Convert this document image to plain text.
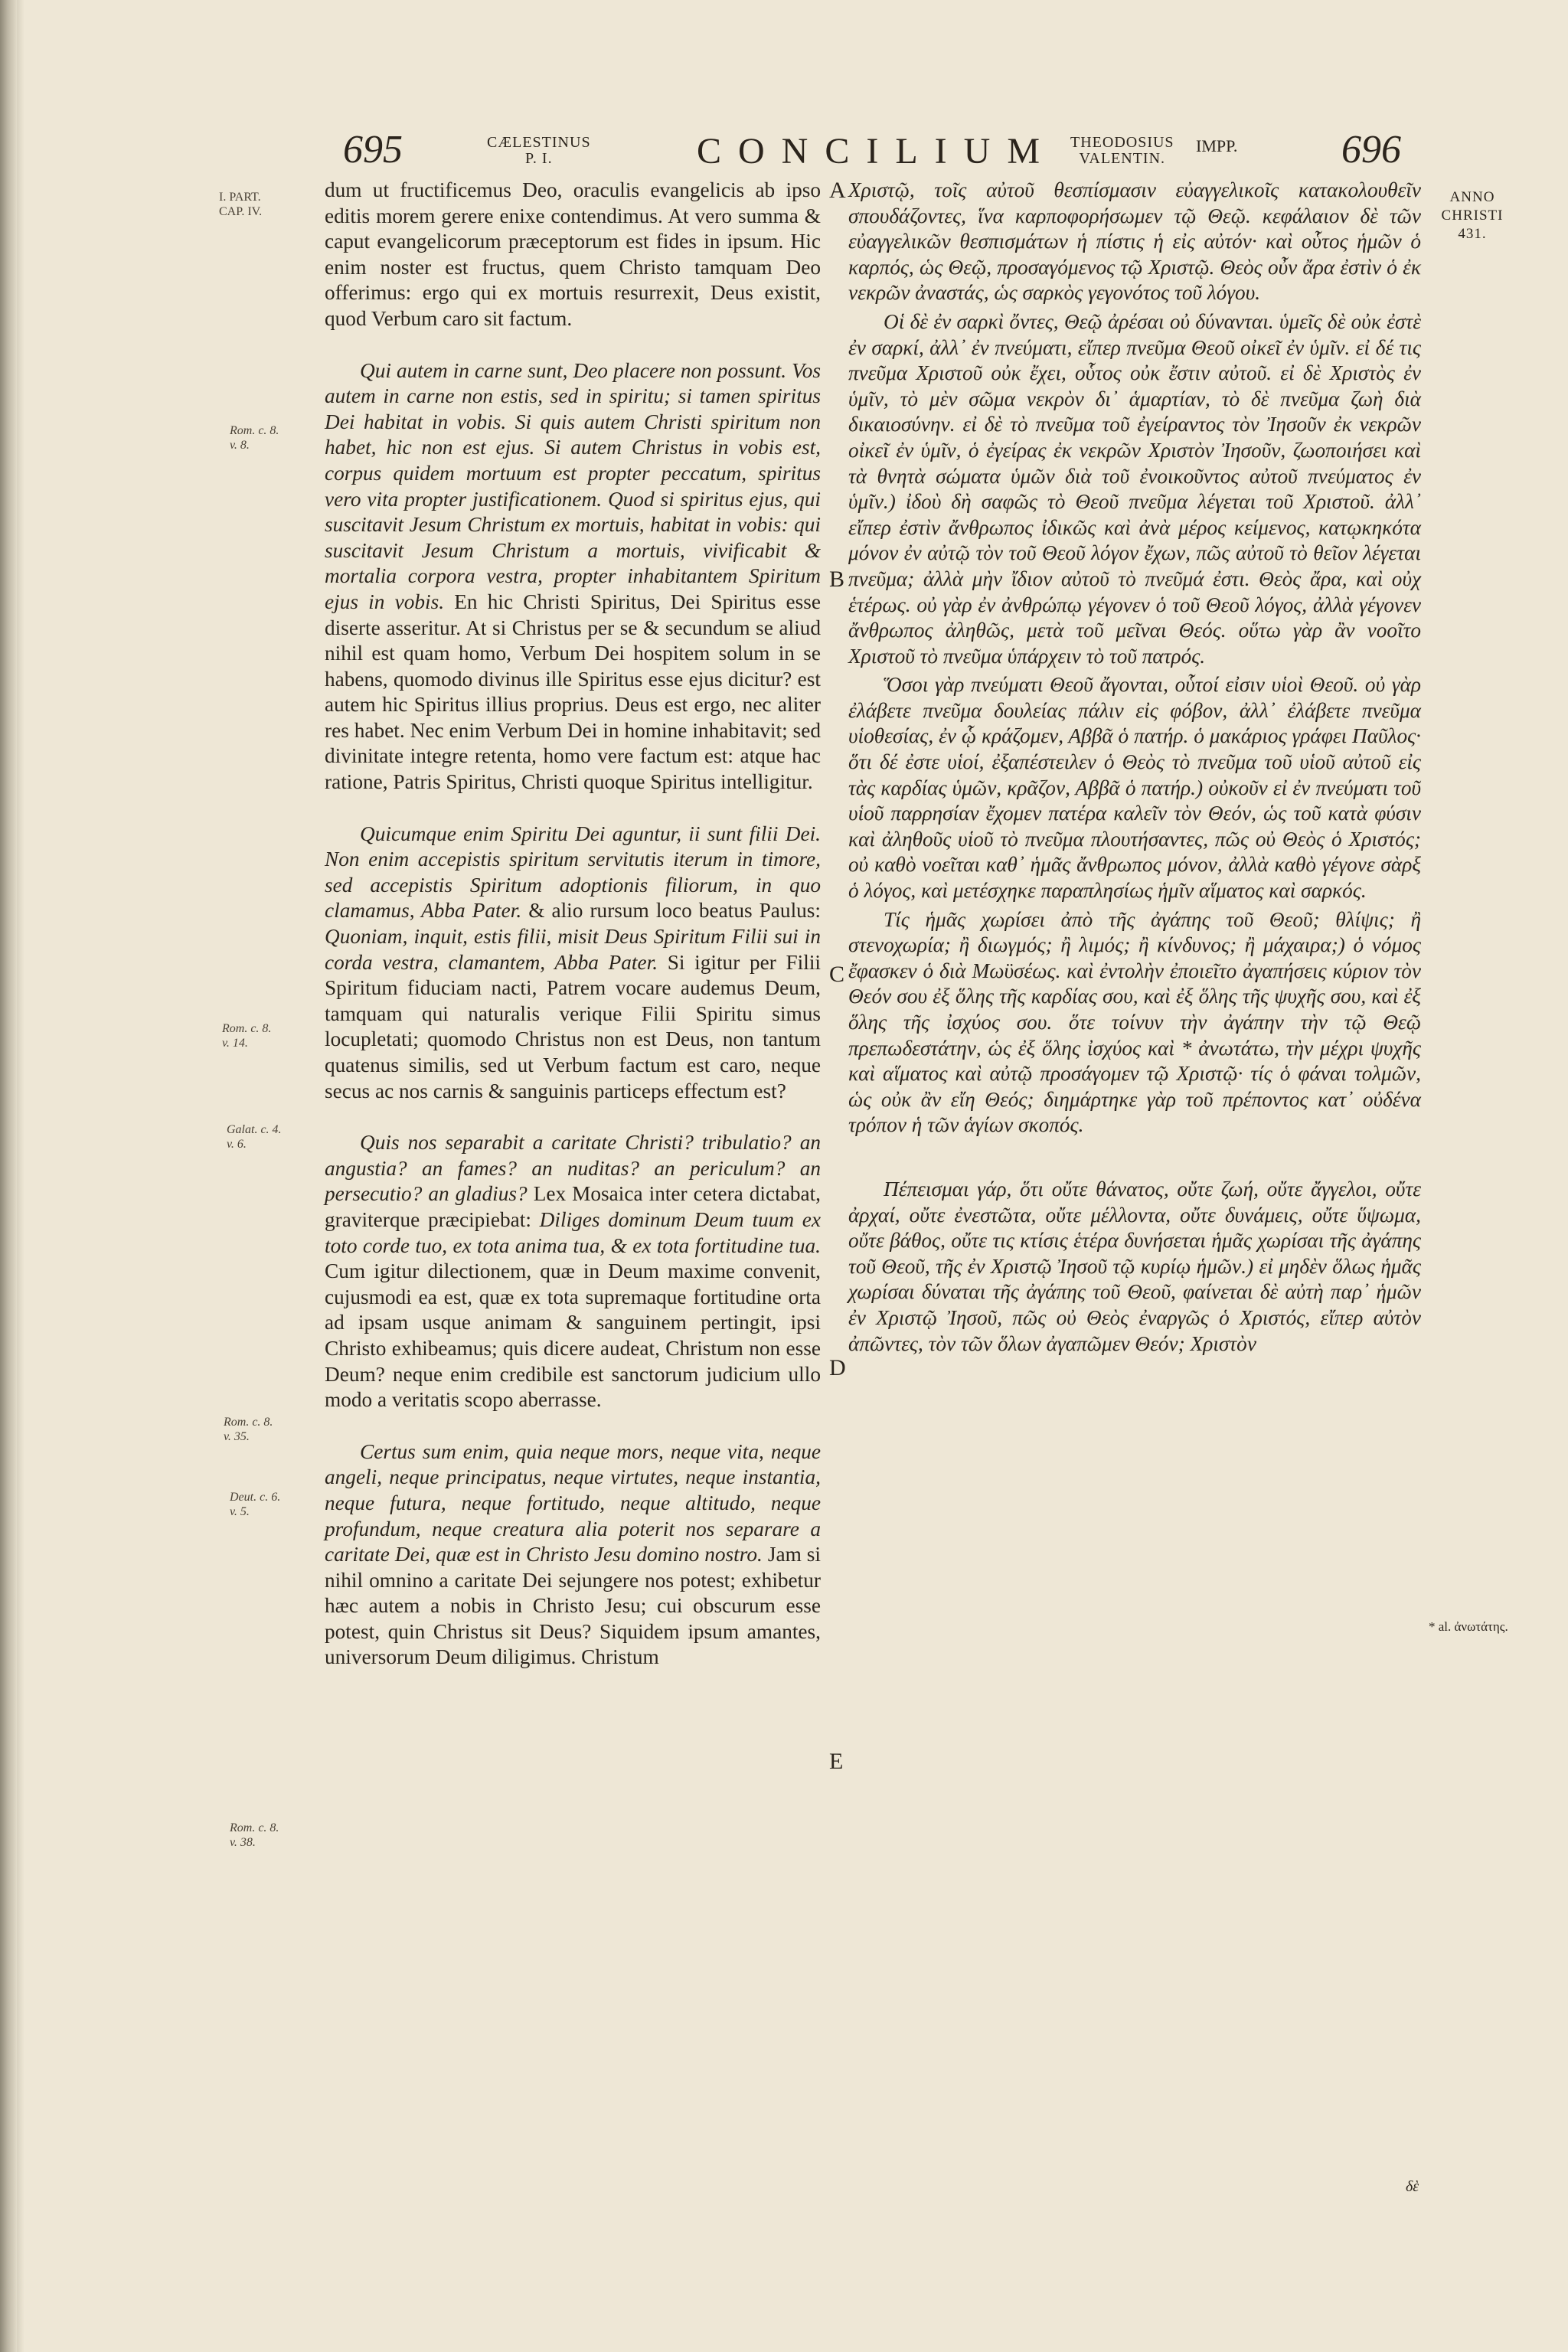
695	CÆLESTINUS
P. I.	CONCILIUM THEODOSIUS
VALENTIN.
IMPP.	696
ANNO
CHRISTI
431.
I. PART.
CAP. IV.
Rom. c. 8.
v. 8.
Rom. c. 8.
v. 14.
Galat. c. 4.
v. 6.
Rom. c. 8.
v. 35.
Deut. c. 6.
v. 5.
Rom. c. 8.
v. 38.
A
B
C
D
E

dum ut fructificemus Deo, oraculis evangelicis ab ipso editis morem gerere enixe contendimus. At vero summa & caput evangelicorum præceptorum est fides in ipsum. Hic enim noster est fructus, quem Christo tamquam Deo offerimus: ergo qui ex mortuis resurrexit, Deus existit, quod Verbum caro sit factum.

Qui autem in carne sunt, Deo placere non possunt. Vos autem in carne non estis, sed in spiritu; si tamen spiritus Dei habitat in vobis. Si quis autem Christi spiritum non habet, hic non est ejus. Si autem Christus in vobis est, corpus quidem mortuum est propter peccatum, spiritus vero vita propter justificationem. Quod si spiritus ejus, qui suscitavit Jesum Christum ex mortuis, habitat in vobis: qui suscitavit Jesum Christum a mortuis, vivificabit & mortalia corpora vestra, propter inhabitantem Spiritum ejus in vobis. En hic Christi Spiritus, Dei Spiritus esse diserte asseritur. At si Christus per se & secundum se aliud nihil est quam homo, Verbum Dei hospitem solum in se habens, quomodo divinus ille Spiritus esse ejus dicitur? est autem hic Spiritus illius proprius. Deus est ergo, nec aliter res habet. Nec enim Verbum Dei in homine inhabitavit; sed divinitate integre retenta, homo vere factum est: atque hac ratione, Patris Spiritus, Christi quoque Spiritus intelligitur.

Quicumque enim Spiritu Dei aguntur, ii sunt filii Dei. Non enim accepistis spiritum servitutis iterum in timore, sed accepistis Spiritum adoptionis filiorum, in quo clamamus, Abba Pater. & alio rursum loco beatus Paulus: Quoniam, inquit, estis filii, misit Deus Spiritum Filii sui in corda vestra, clamantem, Abba Pater. Si igitur per Filii Spiritum fiduciam nacti, Patrem vocare audemus Deum, tamquam qui naturalis verique Filii Spiritu simus locupletati; quomodo Christus non est Deus, non tantum quatenus similis, sed ut Verbum factum est caro, neque secus ac nos carnis & sanguinis particeps effectum est?

Quis nos separabit a caritate Christi? tribulatio? an angustia? an fames? an nuditas? an periculum? an persecutio? an gladius? Lex Mosaica inter cetera dictabat, graviterque præcipiebat: Diliges dominum Deum tuum ex toto corde tuo, ex tota anima tua, & ex tota fortitudine tua. Cum igitur dilectionem, quæ in Deum maxime convenit, cujusmodi ea est, quæ ex tota supremaque fortitudine orta ad ipsam usque animam & sanguinem pertingit, ipsi Christo exhibeamus; quis dicere audeat, Christum non esse Deum? neque enim credibile est sanctorum judicium ullo modo a veritatis scopo aberrasse.

Certus sum enim, quia neque mors, neque vita, neque angeli, neque principatus, neque virtutes, neque instantia, neque futura, neque fortitudo, neque altitudo, neque profundum, neque creatura alia poterit nos separare a caritate Dei, quæ est in Christo Jesu domino nostro. Jam si nihil omnino a caritate Dei sejungere nos potest; exhibetur hæc autem a nobis in Christo Jesu; cui obscurum esse potest, quin Christus sit Deus? Siquidem ipsum amantes, universorum Deum diligimus. Christum

Χριστῷ, τοῖς αὐτοῦ θεσπίσμασιν εὐαγγελικοῖς κατακολουθεῖν σπουδάζοντες, ἵνα καρποφορήσωμεν τῷ Θεῷ. κεφάλαιον δὲ τῶν εὐαγγελικῶν θεσπισμάτων ἡ πίστις ἡ εἰς αὐτόν· καὶ οὗτος ἡμῶν ὁ καρπός, ὡς Θεῷ, προσαγόμενος τῷ Χριστῷ. Θεὸς οὖν ἄρα ἐστὶν ὁ ἐκ νεκρῶν ἀναστάς, ὡς σαρκὸς γεγονότος τοῦ λόγου.

Οἱ δὲ ἐν σαρκὶ ὄντες, Θεῷ ἀρέσαι οὐ δύνανται. ὑμεῖς δὲ οὐκ ἐστὲ ἐν σαρκί, ἀλλ᾽ ἐν πνεύματι, εἴπερ πνεῦμα Θεοῦ οἰκεῖ ἐν ὑμῖν. εἰ δέ τις πνεῦμα Χριστοῦ οὐκ ἔχει, οὗτος οὐκ ἔστιν αὐτοῦ. εἰ δὲ Χριστὸς ἐν ὑμῖν, τὸ μὲν σῶμα νεκρὸν δι᾽ ἁμαρτίαν, τὸ δὲ πνεῦμα ζωὴ διὰ δικαιοσύνην. εἰ δὲ τὸ πνεῦμα τοῦ ἐγείραντος τὸν Ἰησοῦν ἐκ νεκρῶν οἰκεῖ ἐν ὑμῖν, ὁ ἐγείρας ἐκ νεκρῶν Χριστὸν Ἰησοῦν, ζωοποιήσει καὶ τὰ θνητὰ σώματα ὑμῶν διὰ τοῦ ἐνοικοῦντος αὐτοῦ πνεύματος ἐν ὑμῖν.) ἰδοὺ δὴ σαφῶς τὸ Θεοῦ πνεῦμα λέγεται τοῦ Χριστοῦ. ἀλλ᾽ εἴπερ ἐστὶν ἄνθρωπος ἰδικῶς καὶ ἀνὰ μέρος κείμενος, κατῳκηκότα μόνον ἐν αὐτῷ τὸν τοῦ Θεοῦ λόγον ἔχων, πῶς αὐτοῦ τὸ θεῖον λέγεται πνεῦμα; ἀλλὰ μὴν ἴδιον αὐτοῦ τὸ πνεῦμά ἐστι. Θεὸς ἄρα, καὶ οὐχ ἑτέρως. οὐ γὰρ ἐν ἀνθρώπῳ γέγονεν ὁ τοῦ Θεοῦ λόγος, ἀλλὰ γέγονεν ἄνθρωπος ἀληθῶς, μετὰ τοῦ μεῖναι Θεός. οὕτω γὰρ ἂν νοοῖτο Χριστοῦ τὸ πνεῦμα ὑπάρχειν τὸ τοῦ πατρός.

Ὅσοι γὰρ πνεύματι Θεοῦ ἄγονται, οὗτοί εἰσιν υἱοὶ Θεοῦ. οὐ γὰρ ἐλάβετε πνεῦμα δουλείας πάλιν εἰς φόβον, ἀλλ᾽ ἐλάβετε πνεῦμα υἱοθεσίας, ἐν ᾧ κράζομεν, Αββᾶ ὁ πατήρ. ὁ μακάριος γράφει Παῦλος· ὅτι δέ ἐστε υἱοί, ἐξαπέστειλεν ὁ Θεὸς τὸ πνεῦμα τοῦ υἱοῦ αὐτοῦ εἰς τὰς καρδίας ὑμῶν, κρᾶζον, Αββᾶ ὁ πατήρ.) οὐκοῦν εἰ ἐν πνεύματι τοῦ υἱοῦ παρρησίαν ἔχομεν πατέρα καλεῖν τὸν Θεόν, ὡς τοῦ κατὰ φύσιν καὶ ἀληθοῦς υἱοῦ τὸ πνεῦμα πλουτήσαντες, πῶς οὐ Θεὸς ὁ Χριστός; οὐ καθὸ νοεῖται καθ᾽ ἡμᾶς ἄνθρωπος μόνον, ἀλλὰ καθὸ γέγονε σὰρξ ὁ λόγος, καὶ μετέσχηκε παραπλησίως ἡμῖν αἵματος καὶ σαρκός.

Τίς ἡμᾶς χωρίσει ἀπὸ τῆς ἀγάπης τοῦ Θεοῦ; θλίψις; ἢ στενοχωρία; ἢ διωγμός; ἢ λιμός; ἢ κίνδυνος; ἢ μάχαιρα;) ὁ νόμος ἔφασκεν ὁ διὰ Μωϋσέως. καὶ ἐντολὴν ἐποιεῖτο ἀγαπήσεις κύριον τὸν Θεόν σου ἐξ ὅλης τῆς καρδίας σου, καὶ ἐξ ὅλης τῆς ψυχῆς σου, καὶ ἐξ ὅλης τῆς ἰσχύος σου. ὅτε τοίνυν τὴν ἀγάπην τὴν τῷ Θεῷ πρεπωδεστάτην, ὡς ἐξ ὅλης ἰσχύος καὶ * ἀνωτάτω, τὴν μέχρι ψυχῆς καὶ αἵματος καὶ αὐτῷ προσάγομεν τῷ Χριστῷ· τίς ὁ φάναι τολμῶν, ὡς οὐκ ἂν εἴη Θεός; διημάρτηκε γὰρ τοῦ πρέποντος κατ᾽ οὐδένα τρόπον ἡ τῶν ἁγίων σκοπός.

Πέπεισμαι γάρ, ὅτι οὔτε θάνατος, οὔτε ζωή, οὔτε ἄγγελοι, οὔτε ἀρχαί, οὔτε ἐνεστῶτα, οὔτε μέλλοντα, οὔτε δυνάμεις, οὔτε ὕψωμα, οὔτε βάθος, οὔτε τις κτίσις ἑτέρα δυνήσεται ἡμᾶς χωρίσαι τῆς ἀγάπης τοῦ Θεοῦ, τῆς ἐν Χριστῷ Ἰησοῦ τῷ κυρίῳ ἡμῶν.) εἰ μηδὲν ὅλως ἡμᾶς χωρίσαι δύναται τῆς ἀγάπης τοῦ Θεοῦ, φαίνεται δὲ αὐτὴ παρ᾽ ἡμῶν ἐν Χριστῷ Ἰησοῦ, πῶς οὐ Θεὸς ἐναργῶς ὁ Χριστός, εἴπερ αὐτὸν ἀπῶντες, τὸν τῶν ὅλων ἀγαπῶμεν Θεόν; Χριστὸν

* al. ἀνωτάτης.
δὲ
